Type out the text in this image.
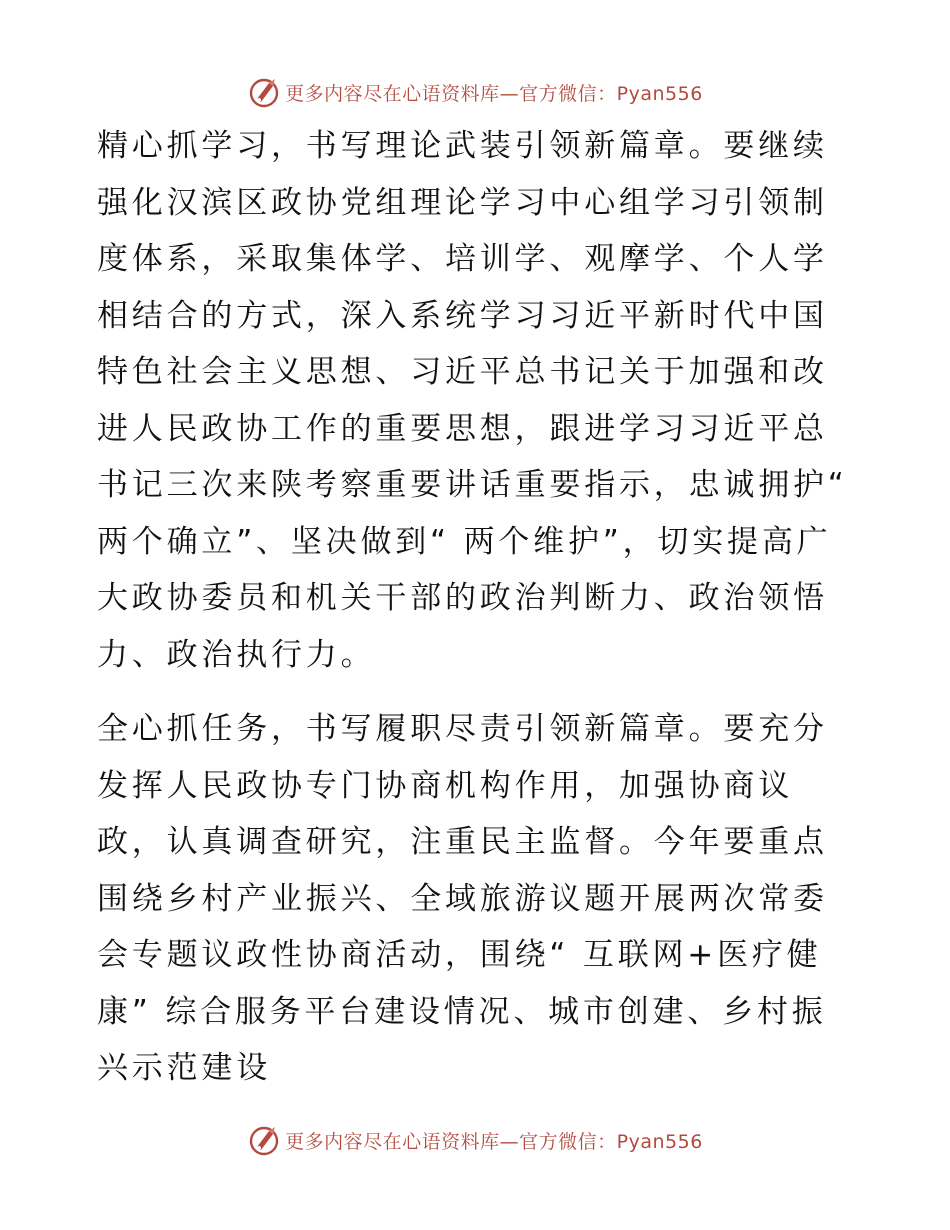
更多内容尽在心语资料库—官方微信：Pyan556

精心抓学习，书写理论武装引领新篇章。要继续强化汉滨区政协党组理论学习中心组学习引领制度体系，采取集体学、培训学、观摩学、个人学相结合的方式，深入系统学习习近平新时代中国特色社会主义思想、习近平总书记关于加强和改进人民政协工作的重要思想，跟进学习习近平总书记三次来陕考察重要讲话重要指示，忠诚拥护“ 两个确立”、坚决做到“ 两个维护”，切实提高广大政协委员和机关干部的政治判断力、政治领悟力、政治执行力。

全心抓任务，书写履职尽责引领新篇章。要充分发挥人民政协专门协商机构作用，加强协商议政，认真调查研究，注重民主监督。今年要重点围绕乡村产业振兴、全域旅游议题开展两次常委会专题议政性协商活动，围绕“ 互联网+医疗健康” 综合服务平台建设情况、城市创建、乡村振兴示范建设

更多内容尽在心语资料库—官方微信：Pyan556
